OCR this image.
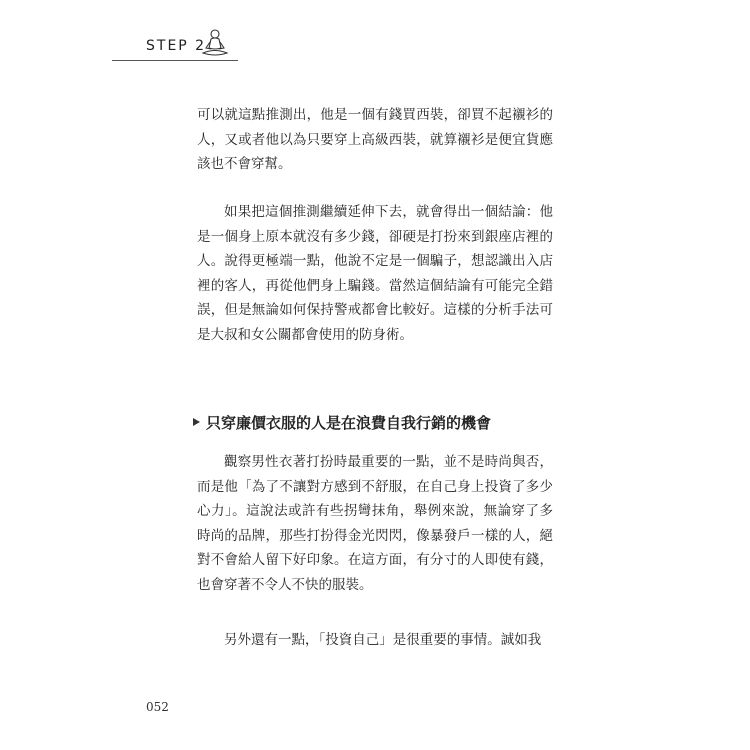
STEP 2

可以就這點推測出，他是一個有錢買西裝，卻買不起襯衫的人，又或者他以為只要穿上高級西裝，就算襯衫是便宜貨應該也不會穿幫。

如果把這個推測繼續延伸下去，就會得出一個結論：他是一個身上原本就沒有多少錢，卻硬是打扮來到銀座店裡的人。說得更極端一點，他說不定是一個騙子，想認識出入店裡的客人，再從他們身上騙錢。當然這個結論有可能完全錯誤，但是無論如何保持警戒都會比較好。這樣的分析手法可是大叔和女公關都會使用的防身術。

只穿廉價衣服的人是在浪費自我行銷的機會

觀察男性衣著打扮時最重要的一點，並不是時尚與否，而是他「為了不讓對方感到不舒服，在自己身上投資了多少心力」。這說法或許有些拐彎抹角，舉例來說，無論穿了多時尚的品牌，那些打扮得金光閃閃，像暴發戶一樣的人，絕對不會給人留下好印象。在這方面，有分寸的人即使有錢，也會穿著不令人不快的服裝。

另外還有一點，「投資自己」是很重要的事情。誠如我

052
